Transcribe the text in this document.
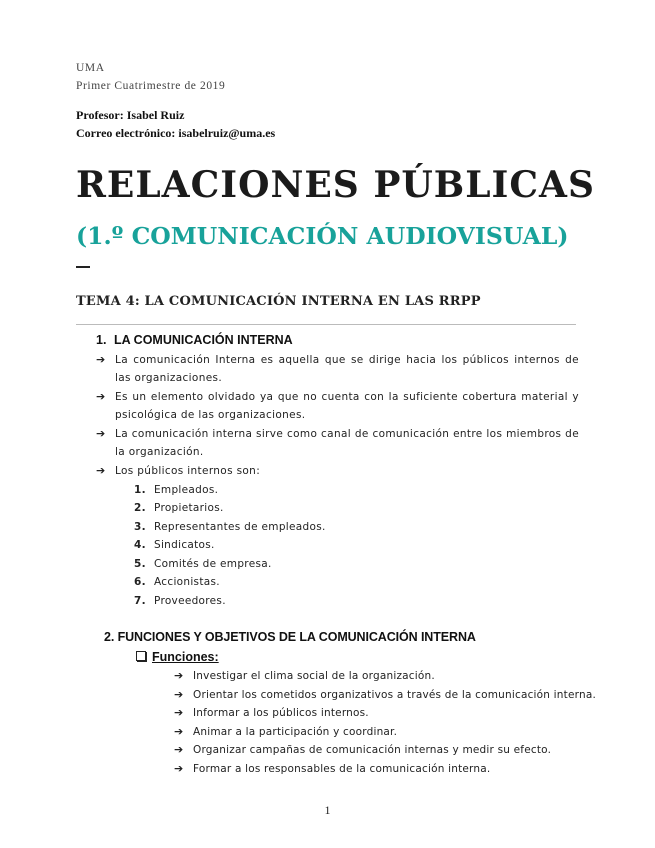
UMA
Primer Cuatrimestre de 2019
Profesor: Isabel Ruiz
Correo electrónico: isabelruiz@uma.es
RELACIONES PÚBLICAS
(1.º COMUNICACIÓN AUDIOVISUAL)
TEMA 4: LA COMUNICACIÓN INTERNA EN LAS RRPP
1. LA COMUNICACIÓN INTERNA
➔ La comunicación Interna es aquella que se dirige hacia los públicos internos de las organizaciones.
➔ Es un elemento olvidado ya que no cuenta con la suficiente cobertura material y psicológica de las organizaciones.
➔ La comunicación interna sirve como canal de comunicación entre los miembros de la organización.
➔ Los públicos internos son:
1. Empleados.
2. Propietarios.
3. Representantes de empleados.
4. Sindicatos.
5. Comités de empresa.
6. Accionistas.
7. Proveedores.
2. FUNCIONES Y OBJETIVOS DE LA COMUNICACIÓN INTERNA
Funciones:
➔ Investigar el clima social de la organización.
➔ Orientar los cometidos organizativos a través de la comunicación interna.
➔ Informar a los públicos internos.
➔ Animar a la participación y coordinar.
➔ Organizar campañas de comunicación internas y medir su efecto.
➔ Formar a los responsables de la comunicación interna.
1
